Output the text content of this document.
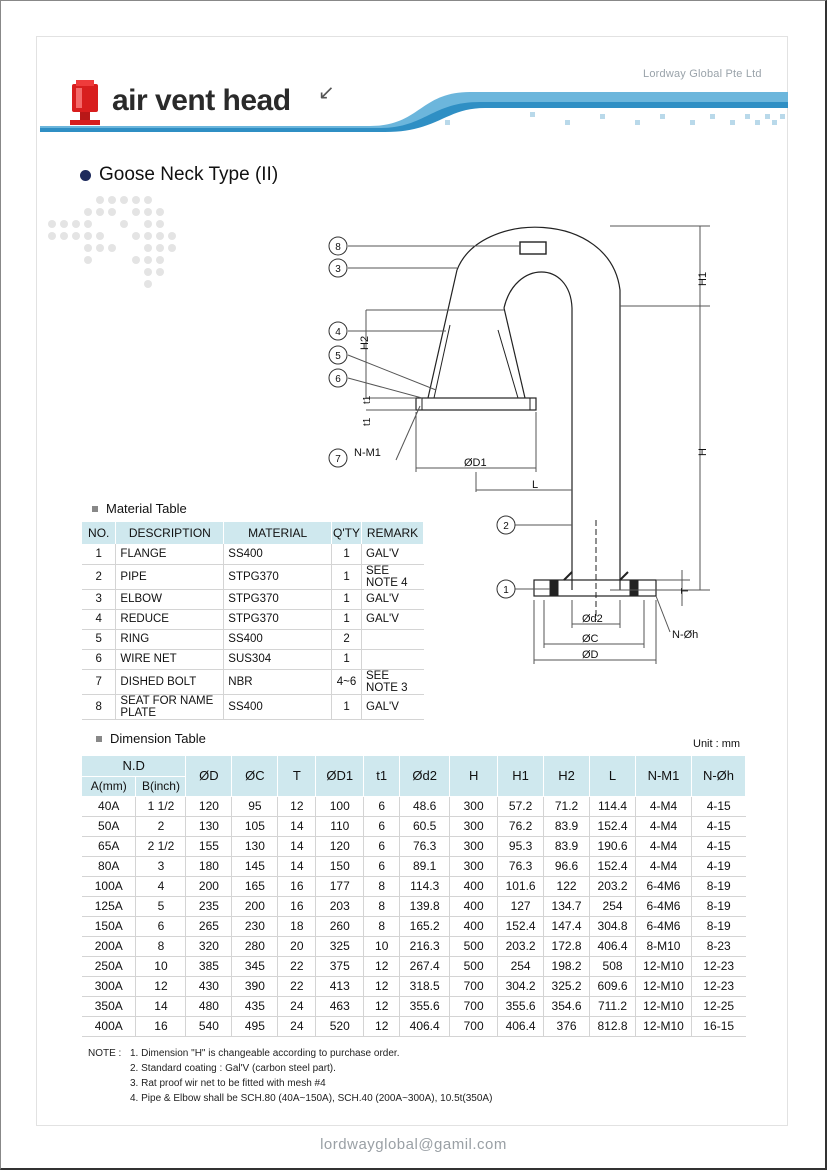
Lordway Global Pte Ltd
air vent head ↙
Goose Neck Type (II)
8
3
4
5
6
7
2
1
H1
H2
t1
t1
H
N-M1
ØD1
L
T
Ød2
ØC
ØD
N-Øh
Material Table
NO.	DESCRIPTION	MATERIAL	Q'TY	REMARK
1	FLANGE	SS400	1	GAL'V
2	PIPE	STPG370	1	SEE NOTE 4
3	ELBOW	STPG370	1	GAL'V
4	REDUCE	STPG370	1	GAL'V
5	RING	SS400	2	
6	WIRE NET	SUS304	1	
7	DISHED BOLT	NBR	4~6	SEE NOTE 3
8	SEAT FOR NAME PLATE	SS400	1	GAL'V
Dimension Table	Unit : mm
N.D		ØD	ØC	T	ØD1	t1	Ød2	H	H1	H2	L	N-M1	N-Øh
A(mm)	B(inch)												
40A	1 1/2	120	95	12	100	6	48.6	300	57.2	71.2	114.4	4-M4	4-15
50A	2	130	105	14	110	6	60.5	300	76.2	83.9	152.4	4-M4	4-15
65A	2 1/2	155	130	14	120	6	76.3	300	95.3	83.9	190.6	4-M4	4-15
80A	3	180	145	14	150	6	89.1	300	76.3	96.6	152.4	4-M4	4-19
100A	4	200	165	16	177	8	114.3	400	101.6	122	203.2	6-4M6	8-19
125A	5	235	200	16	203	8	139.8	400	127	134.7	254	6-4M6	8-19
150A	6	265	230	18	260	8	165.2	400	152.4	147.4	304.8	6-4M6	8-19
200A	8	320	280	20	325	10	216.3	500	203.2	172.8	406.4	8-M10	8-23
250A	10	385	345	22	375	12	267.4	500	254	198.2	508	12-M10	12-23
300A	12	430	390	22	413	12	318.5	700	304.2	325.2	609.6	12-M10	12-23
350A	14	480	435	24	463	12	355.6	700	355.6	354.6	711.2	12-M10	12-25
400A	16	540	495	24	520	12	406.4	700	406.4	376	812.8	12-M10	16-15
NOTE : 1. Dimension "H" is changeable according to purchase order.
2. Standard coating : Gal'V (carbon steel part).
3. Rat proof wir net to be fitted with mesh #4
4. Pipe & Elbow shall be SCH.80 (40A~150A), SCH.40 (200A~300A), 10.5t(350A)
lordwayglobal@gamil.com
